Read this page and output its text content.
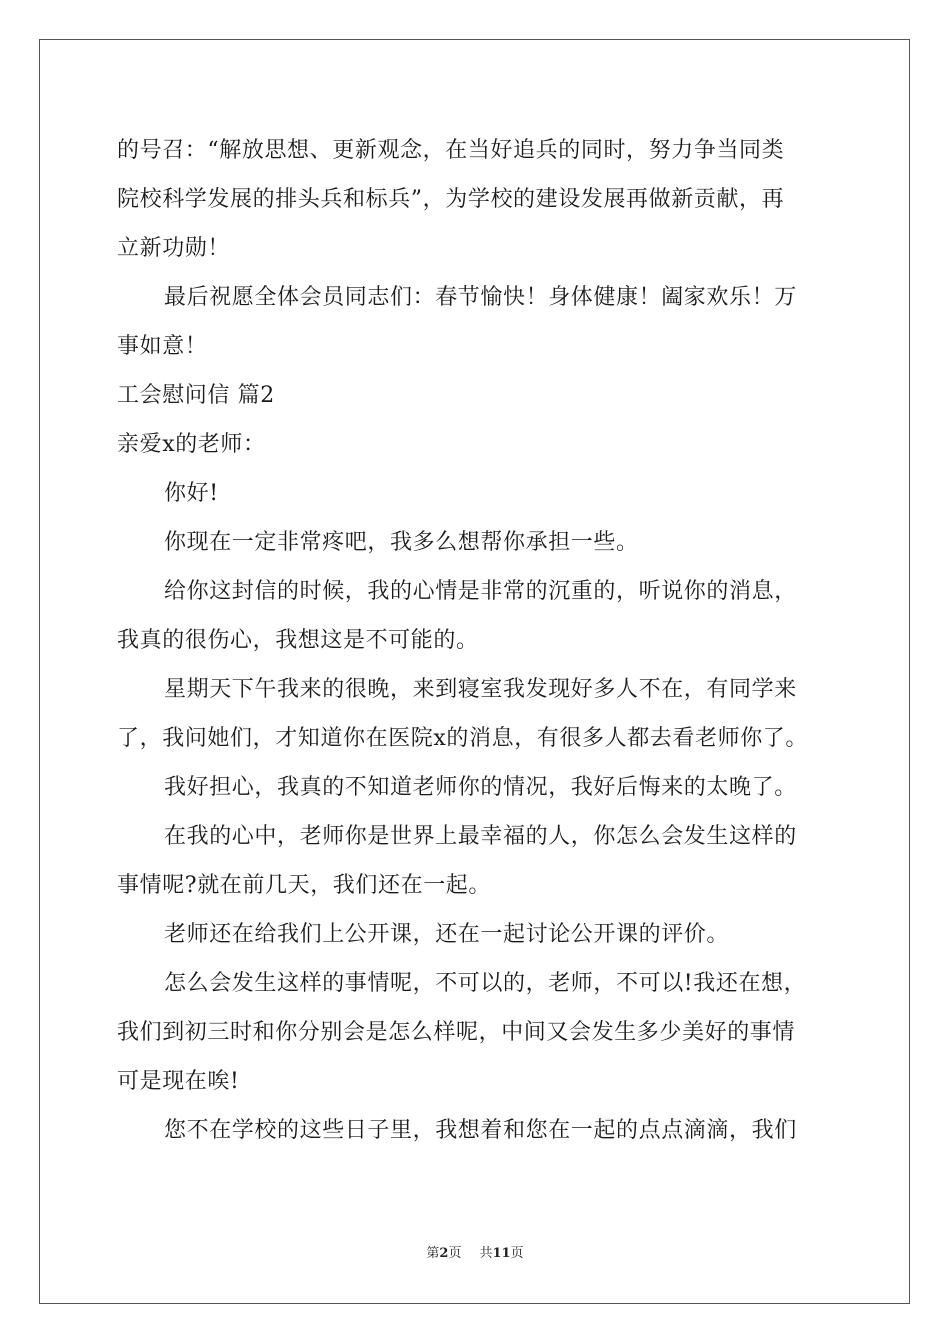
的号召：“解放思想、更新观念，在当好追兵的同时，努力争当同类
院校科学发展的排头兵和标兵”，为学校的建设发展再做新贡献，再
立新功勋！
最后祝愿全体会员同志们：春节愉快！身体健康！阖家欢乐！万
事如意！
工会慰问信 篇2
亲爱x的老师：
你好!
你现在一定非常疼吧，我多么想帮你承担一些。
给你这封信的时候，我的心情是非常的沉重的，听说你的消息，
我真的很伤心，我想这是不可能的。
星期天下午我来的很晚，来到寝室我发现好多人不在，有同学来
了，我问她们，才知道你在医院x的消息，有很多人都去看老师你了。
我好担心，我真的不知道老师你的情况，我好后悔来的太晚了。
在我的心中，老师你是世界上最幸福的人，你怎么会发生这样的
事情呢?就在前几天，我们还在一起。
老师还在给我们上公开课，还在一起讨论公开课的评价。
怎么会发生这样的事情呢，不可以的，老师，不可以!我还在想，
我们到初三时和你分别会是怎么样呢，中间又会发生多少美好的事情
可是现在唉!
您不在学校的这些日子里，我想着和您在一起的点点滴滴，我们
第2页 共11页
